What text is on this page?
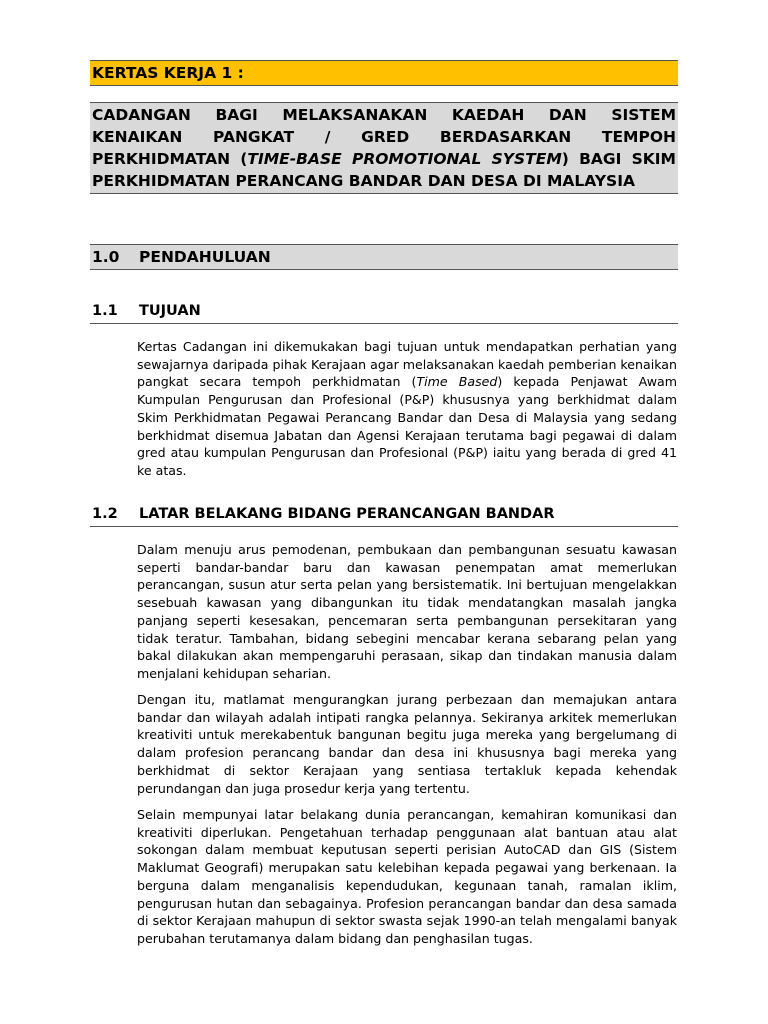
KERTAS KERJA 1 :
CADANGAN BAGI MELAKSANAKAN KAEDAH DAN SISTEM
KENAIKAN PANGKAT / GRED BERDASARKAN TEMPOH
PERKHIDMATAN (TIME-BASE PROMOTIONAL SYSTEM) BAGI SKIM
PERKHIDMATAN PERANCANG BANDAR DAN DESA DI MALAYSIA
1.0 PENDAHULUAN
1.1 TUJUAN
Kertas Cadangan ini dikemukakan bagi tujuan untuk mendapatkan perhatian yang sewajarnya daripada pihak Kerajaan agar melaksanakan kaedah pemberian kenaikan pangkat secara tempoh perkhidmatan (Time Based) kepada Penjawat Awam Kumpulan Pengurusan dan Profesional (P&P) khususnya yang berkhidmat dalam Skim Perkhidmatan Pegawai Perancang Bandar dan Desa di Malaysia yang sedang berkhidmat disemua Jabatan dan Agensi Kerajaan terutama bagi pegawai di dalam gred atau kumpulan Pengurusan dan Profesional (P&P) iaitu yang berada di gred 41 ke atas.
1.2 LATAR BELAKANG BIDANG PERANCANGAN BANDAR
Dalam menuju arus pemodenan, pembukaan dan pembangunan sesuatu kawasan seperti bandar-bandar baru dan kawasan penempatan amat memerlukan perancangan, susun atur serta pelan yang bersistematik. Ini bertujuan mengelakkan sesebuah kawasan yang dibangunkan itu tidak mendatangkan masalah jangka panjang seperti kesesakan, pencemaran serta pembangunan persekitaran yang tidak teratur. Tambahan, bidang sebegini mencabar kerana sebarang pelan yang bakal dilakukan akan mempengaruhi perasaan, sikap dan tindakan manusia dalam menjalani kehidupan seharian.
Dengan itu, matlamat mengurangkan jurang perbezaan dan memajukan antara bandar dan wilayah adalah intipati rangka pelannya. Sekiranya arkitek memerlukan kreativiti untuk merekabentuk bangunan begitu juga mereka yang bergelumang di dalam profesion perancang bandar dan desa ini khususnya bagi mereka yang berkhidmat di sektor Kerajaan yang sentiasa tertakluk kepada kehendak perundangan dan juga prosedur kerja yang tertentu.
Selain mempunyai latar belakang dunia perancangan, kemahiran komunikasi dan kreativiti diperlukan. Pengetahuan terhadap penggunaan alat bantuan atau alat sokongan dalam membuat keputusan seperti perisian AutoCAD dan GIS (Sistem Maklumat Geografi) merupakan satu kelebihan kepada pegawai yang berkenaan. Ia berguna dalam menganalisis kependudukan, kegunaan tanah, ramalan iklim, pengurusan hutan dan sebagainya. Profesion perancangan bandar dan desa samada di sektor Kerajaan mahupun di sektor swasta sejak 1990-an telah mengalami banyak perubahan terutamanya dalam bidang dan penghasilan tugas.
